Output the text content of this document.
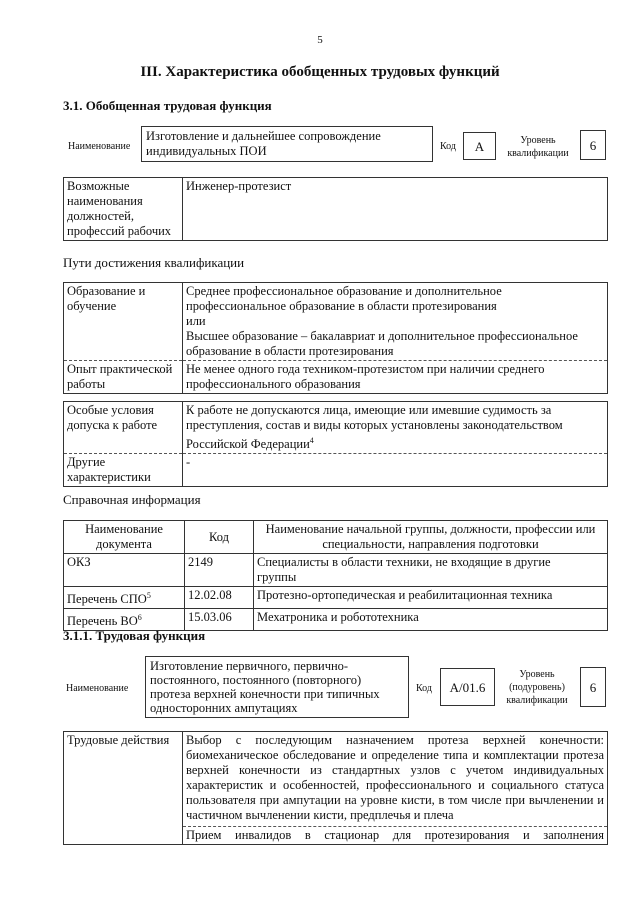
5
III. Характеристика обобщенных трудовых функций
3.1. Обобщенная трудовая функция
Наименование
Изготовление и дальнейшее сопровождение
индивидуальных ПОИ	Код	A	Уровень
квалификации
6
Возможные
наименования
должностей,
профессий рабочих	Инженер-протезист
Пути достижения квалификации
Образование и
обучение	Среднее профессиональное образование и дополнительное
профессиональное образование в области протезирования
или
Высшее образование – бакалавриат и дополнительное профессиональное
образование в области протезирования
Опыт практической
работы	Не менее одного года техником-протезистом при наличии среднего
профессионального образования
Особые условия
допуска к работе	К работе не допускаются лица, имеющие или имевшие судимость за
преступления, состав и виды которых установлены законодательством
Российской Федерации$^4$
Другие
характеристики	-
Справочная информация
Наименование
документа	Код	Наименование начальной группы, должности, профессии или
специальности, направления подготовки
ОКЗ	2149	Специалисты в области техники, не входящие в другие
группы
Перечень СПО$^5$	12.02.08	Протезно-ортопедическая и реабилитационная техника
Перечень $ВО^6$	15.03.06	Мехатроника и робототехника
3.1.1. Трудовая функция
Наименование
Изготовление первичного, первично-
постоянного, постоянного (повторного)
протеза верхней конечности при типичных
односторонних ампутациях
Код	A/01.6
Уровень
(подуровень)
квалификации
6
Трудовые действия	Выбор с последующим назначением протеза верхней конечности: биомеханическое обследование и определение типа и комплектации протеза верхней конечности из стандартных узлов с учетом индивидуальных характеристик и особенностей, профессионального и социального статуса пользователя при ампутации на уровне кисти, в том числе при вычленении и частичном вычленении кисти, предплечья и плеча
Прием инвалидов в стационар для протезирования и заполнения
